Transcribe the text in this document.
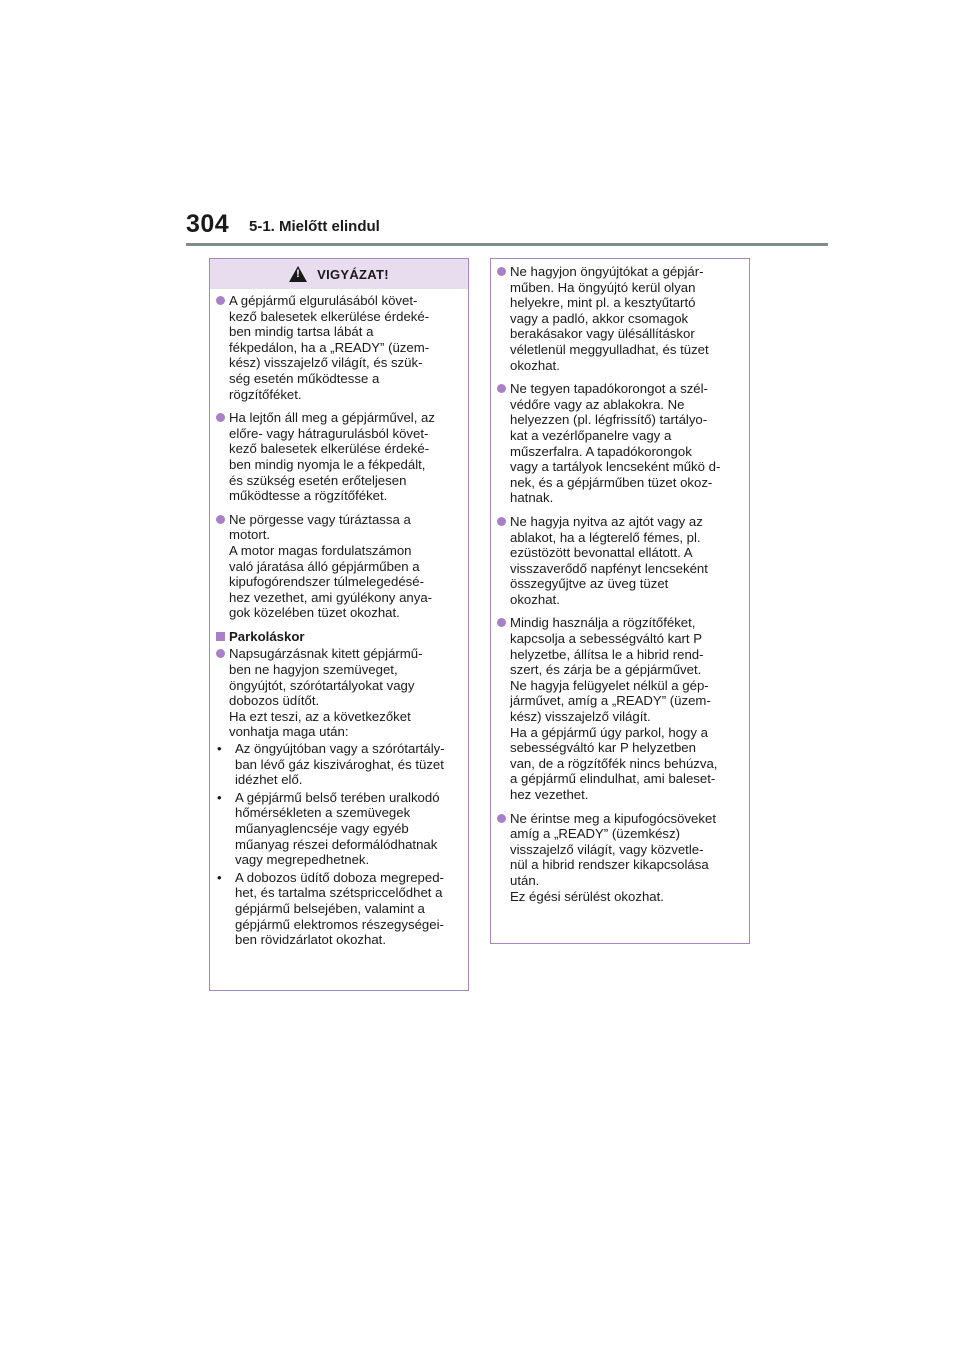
304 5-1. Mielőtt elindul
!
VIGYÁZAT!
A gépjármű elgurulásából követ-
kező balesetek elkerülése érdeké-
ben mindig tartsa lábát a
fékpedálon, ha a „READY” (üzem-
kész) visszajelző világít, és szük-
ség esetén működtesse a
rögzítőféket.
Ha lejtőn áll meg a gépjárművel, az
előre- vagy hátragurulásból követ-
kező balesetek elkerülése érdeké-
ben mindig nyomja le a fékpedált,
és szükség esetén erőteljesen
működtesse a rögzítőféket.
Ne pörgesse vagy túráztassa a
motort.
A motor magas fordulatszámon
való járatása álló gépjárműben a
kipufogórendszer túlmelegedésé-
hez vezethet, ami gyúlékony anya-
gok közelében tüzet okozhat.
Parkoláskor
Napsugárzásnak kitett gépjármű-
ben ne hagyjon szemüveget,
öngyújtót, szórótartályokat vagy
dobozos üdítőt.
Ha ezt teszi, az a következőket
vonhatja maga után:
•	Az öngyújtóban vagy a szórótartály-
ban lévő gáz kiszivároghat, és tüzet
idézhet elő.
•	A gépjármű belső terében uralkodó
hőmérsékleten a szemüvegek
műanyaglencséje vagy egyéb
műanyag részei deformálódhatnak
vagy megrepedhetnek.
•	A dobozos üdítő doboza megreped-
het, és tartalma szétspriccelődhet a
gépjármű belsejében, valamint a
gépjármű elektromos részegységei-
ben rövidzárlatot okozhat.
Ne hagyjon öngyújtókat a gépjár-
műben. Ha öngyújtó kerül olyan
helyekre, mint pl. a kesztyűtartó
vagy a padló, akkor csomagok
berakásakor vagy ülésállításkor
véletlenül meggyulladhat, és tüzet
okozhat.
Ne tegyen tapadókorongot a szél-
védőre vagy az ablakokra. Ne
helyezzen (pl. légfrissítő) tartályo-
kat a vezérlőpanelre vagy a
műszerfalra. A tapadókorongok
vagy a tartályok lencseként műkö d-
nek, és a gépjárműben tüzet okoz-
hatnak.
Ne hagyja nyitva az ajtót vagy az
ablakot, ha a légterelő fémes, pl.
ezüstözött bevonattal ellátott. A
visszaverődő napfényt lencseként
összegyűjtve az üveg tüzet
okozhat.
Mindig használja a rögzítőféket,
kapcsolja a sebességváltó kart P
helyzetbe, állítsa le a hibrid rend-
szert, és zárja be a gépjárművet.
Ne hagyja felügyelet nélkül a gép-
járművet, amíg a „READY” (üzem-
kész) visszajelző világít.
Ha a gépjármű úgy parkol, hogy a
sebességváltó kar P helyzetben
van, de a rögzítőfék nincs behúzva,
a gépjármű elindulhat, ami baleset-
hez vezethet.
Ne érintse meg a kipufogócsöveket
amíg a „READY” (üzemkész)
visszajelző világít, vagy közvetle-
nül a hibrid rendszer kikapcsolása
után.
Ez égési sérülést okozhat.
